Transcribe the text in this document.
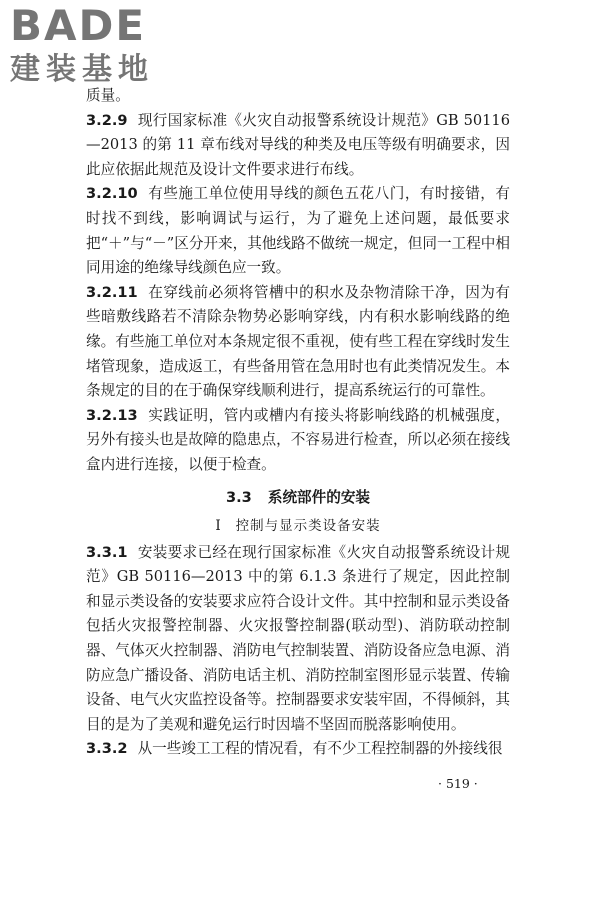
BADE
建装基地

质量。

3.2.9 现行国家标准《火灾自动报警系统设计规范》GB 50116—2013 的第 11 章布线对导线的种类及电压等级有明确要求，因此应依据此规范及设计文件要求进行布线。

3.2.10 有些施工单位使用导线的颜色五花八门，有时接错，有时找不到线，影响调试与运行，为了避免上述问题，最低要求把“＋”与“－”区分开来，其他线路不做统一规定，但同一工程中相同用途的绝缘导线颜色应一致。

3.2.11 在穿线前必须将管槽中的积水及杂物清除干净，因为有些暗敷线路若不清除杂物势必影响穿线，内有积水影响线路的绝缘。有些施工单位对本条规定很不重视，使有些工程在穿线时发生堵管现象，造成返工，有些备用管在急用时也有此类情况发生。本条规定的目的在于确保穿线顺利进行，提高系统运行的可靠性。

3.2.13 实践证明，管内或槽内有接头将影响线路的机械强度，另外有接头也是故障的隐患点，不容易进行检查，所以必须在接线盒内进行连接，以便于检查。

3.3 系统部件的安装
Ⅰ 控制与显示类设备安装

3.3.1 安装要求已经在现行国家标准《火灾自动报警系统设计规范》GB 50116—2013 中的第 6.1.3 条进行了规定，因此控制和显示类设备的安装要求应符合设计文件。其中控制和显示类设备包括火灾报警控制器、火灾报警控制器(联动型)、消防联动控制器、气体灭火控制器、消防电气控制装置、消防设备应急电源、消防应急广播设备、消防电话主机、消防控制室图形显示装置、传输设备、电气火灾监控设备等。控制器要求安装牢固，不得倾斜，其目的是为了美观和避免运行时因墙不坚固而脱落影响使用。

3.3.2 从一些竣工工程的情况看，有不少工程控制器的外接线很

· 519 ·
